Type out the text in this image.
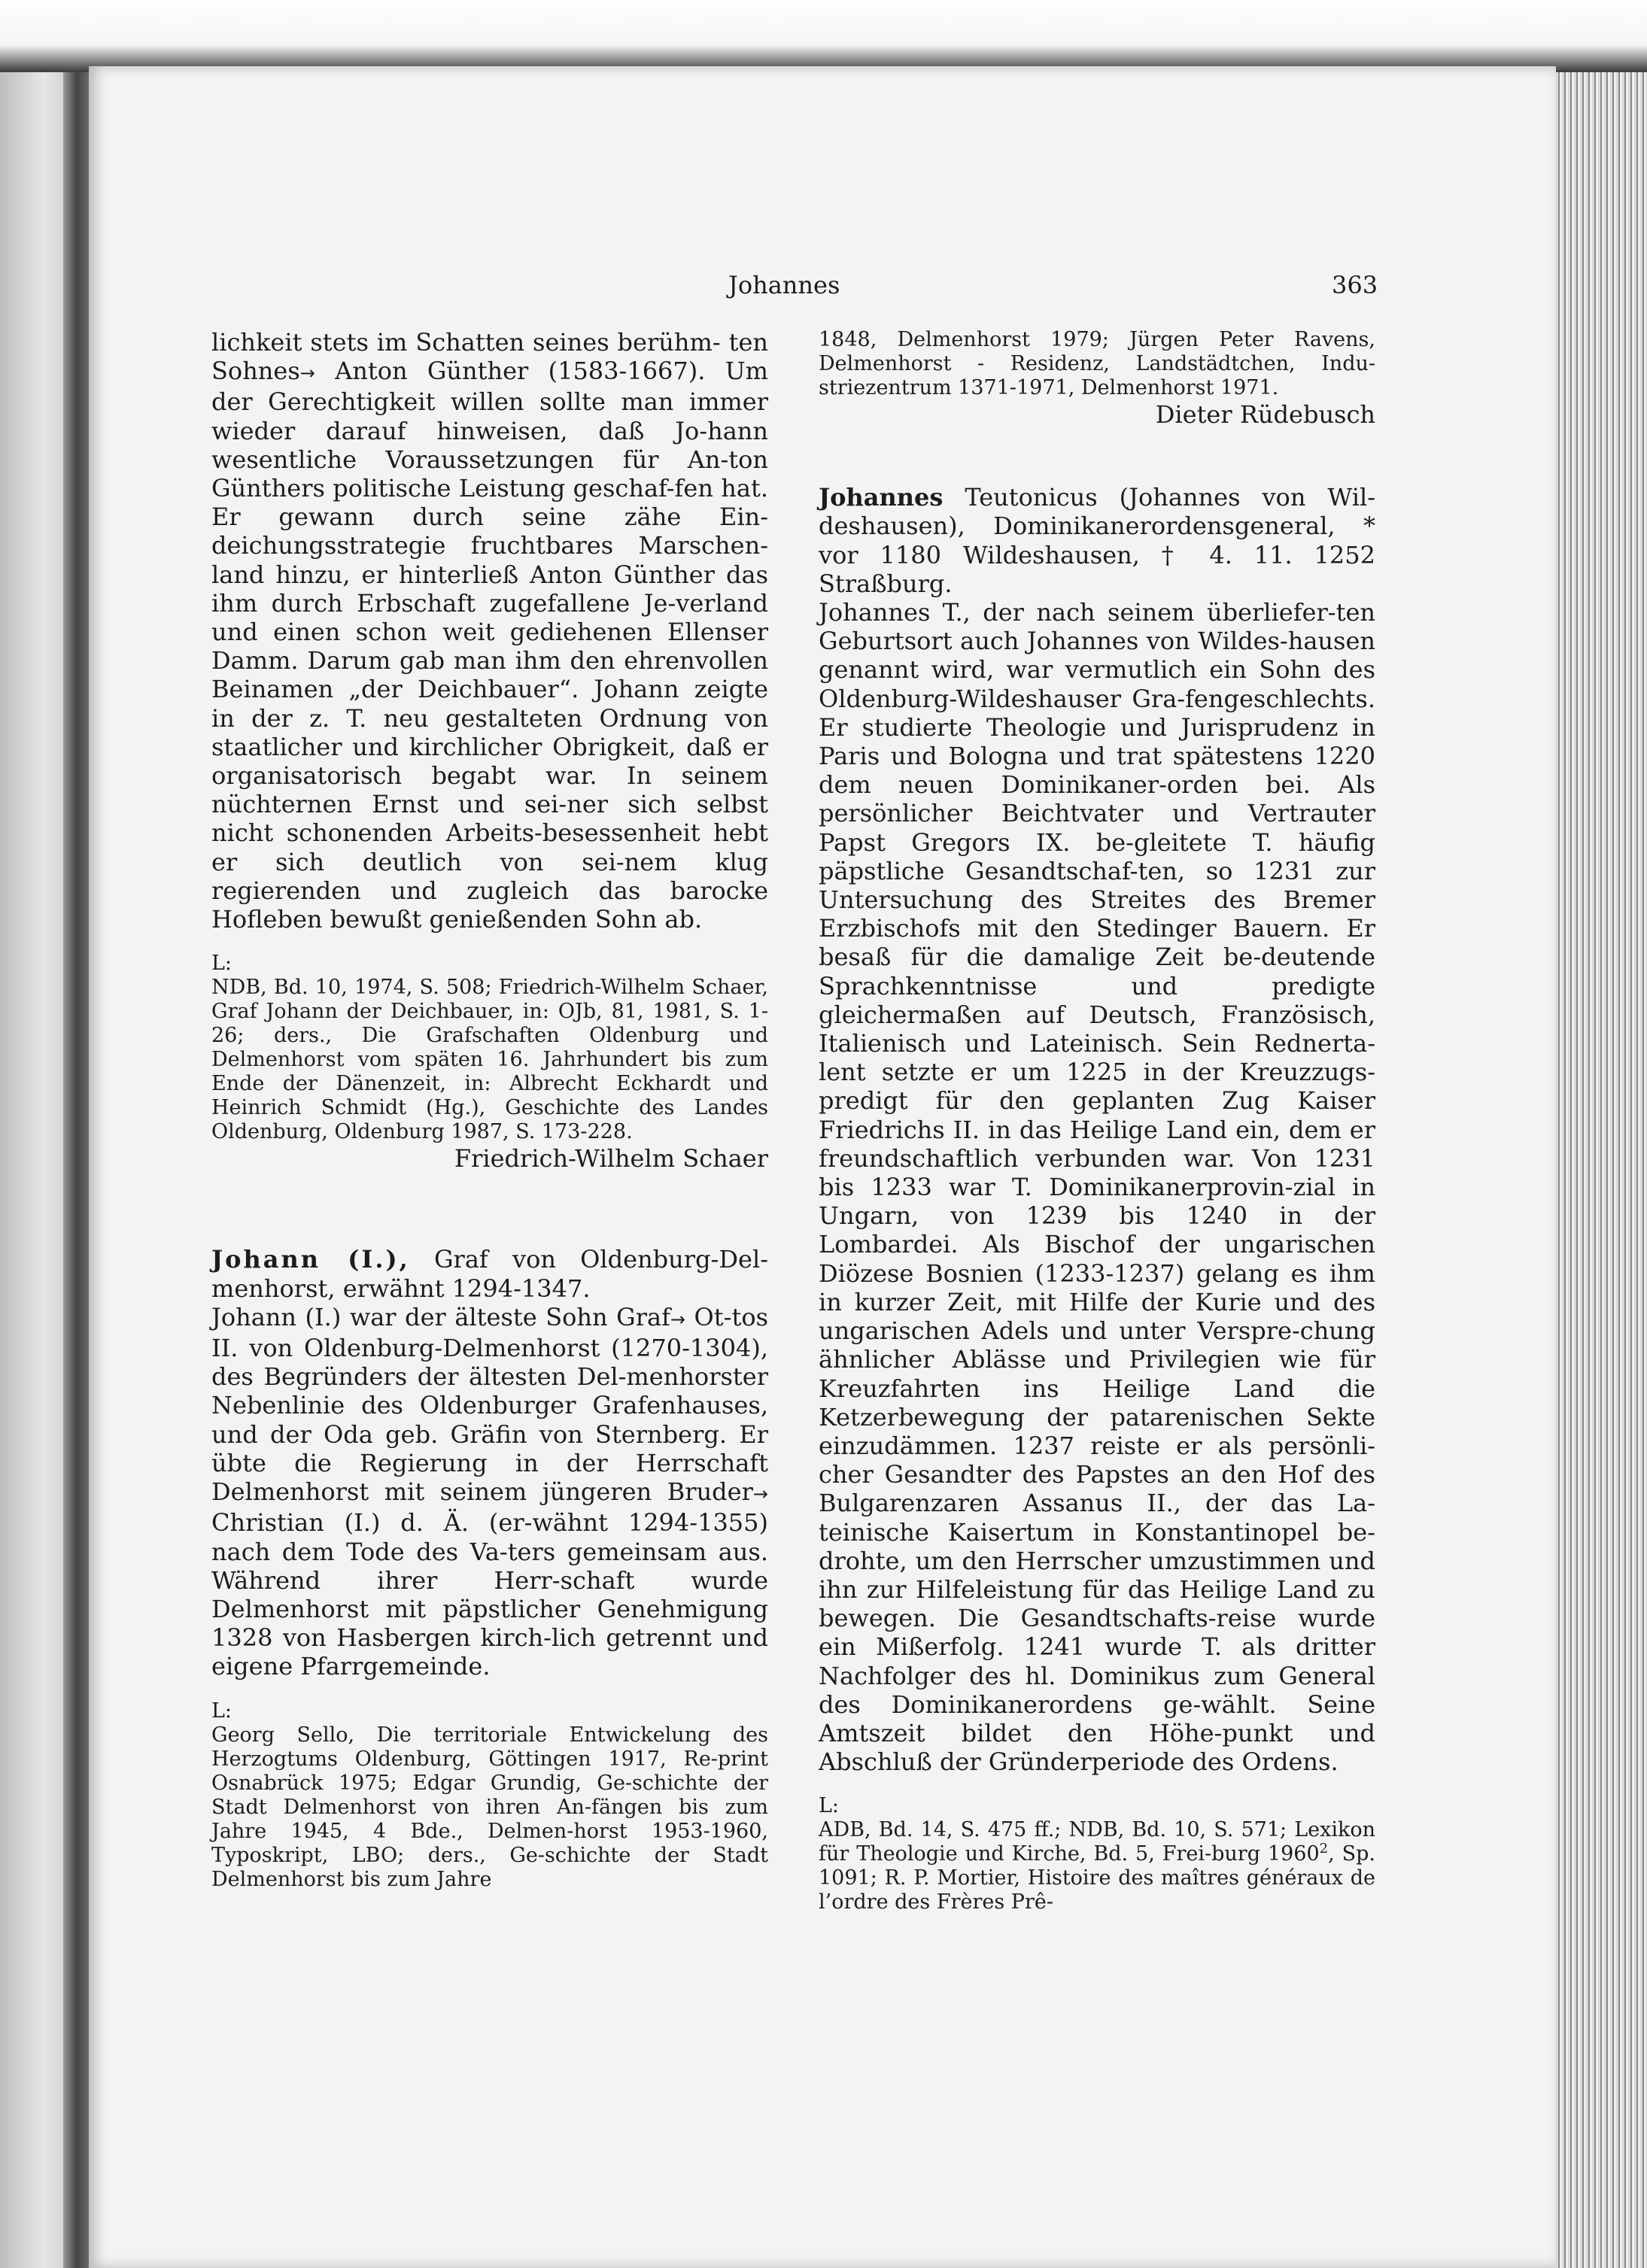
Johannes	363

lichkeit stets im Schatten seines berühm- ten Sohnes→ Anton Günther (1583-1667). Um der Gerechtigkeit willen sollte man immer wieder darauf hinweisen, daß Jo-hann wesentliche Voraussetzungen für An-ton Günthers politische Leistung geschaf-fen hat. Er gewann durch seine zähe Ein-deichungsstrategie fruchtbares Marschen-land hinzu, er hinterließ Anton Günther das ihm durch Erbschaft zugefallene Je-verland und einen schon weit gediehenen Ellenser Damm. Darum gab man ihm den ehrenvollen Beinamen „der Deichbauer“. Johann zeigte in der z. T. neu gestalteten Ordnung von staatlicher und kirchlicher Obrigkeit, daß er organisatorisch begabt war. In seinem nüchternen Ernst und sei-ner sich selbst nicht schonenden Arbeits-besessenheit hebt er sich deutlich von sei-nem klug regierenden und zugleich das barocke Hofleben bewußt genießenden Sohn ab.

L:

NDB, Bd. 10, 1974, S. 508; Friedrich-Wilhelm Schaer, Graf Johann der Deichbauer, in: OJb, 81, 1981, S. 1-26; ders., Die Grafschaften Oldenburg und Delmenhorst vom späten 16. Jahrhundert bis zum Ende der Dänenzeit, in: Albrecht Eckhardt und Heinrich Schmidt (Hg.), Geschichte des Landes Oldenburg, Oldenburg 1987, S. 173-228.

Friedrich-Wilhelm Schaer

Johann (I.), Graf von Oldenburg-Del-menhorst, erwähnt 1294-1347.

Johann (I.) war der älteste Sohn Graf→ Ot-tos II. von Oldenburg-Delmenhorst (1270-1304), des Begründers der ältesten Del-menhorster Nebenlinie des Oldenburger Grafenhauses, und der Oda geb. Gräfin von Sternberg. Er übte die Regierung in der Herrschaft Delmenhorst mit seinem jüngeren Bruder→ Christian (I.) d. Ä. (er-wähnt 1294-1355) nach dem Tode des Va-ters gemeinsam aus. Während ihrer Herr-schaft wurde Delmenhorst mit päpstlicher Genehmigung 1328 von Hasbergen kirch-lich getrennt und eigene Pfarrgemeinde.

L:

Georg Sello, Die territoriale Entwickelung des Herzogtums Oldenburg, Göttingen 1917, Re-print Osnabrück 1975; Edgar Grundig, Ge-schichte der Stadt Delmenhorst von ihren An-fängen bis zum Jahre 1945, 4 Bde., Delmen-horst 1953-1960, Typoskript, LBO; ders., Ge-schichte der Stadt Delmenhorst bis zum Jahre

1848, Delmenhorst 1979; Jürgen Peter Ravens, Delmenhorst - Residenz, Landstädtchen, Indu-striezentrum 1371-1971, Delmenhorst 1971.

Dieter Rüdebusch

Johannes Teutonicus (Johannes von Wil-deshausen), Dominikanerordensgeneral, * vor 1180 Wildeshausen, † 4. 11. 1252 Straßburg.

Johannes T., der nach seinem überliefer-ten Geburtsort auch Johannes von Wildes-hausen genannt wird, war vermutlich ein Sohn des Oldenburg-Wildeshauser Gra-fengeschlechts. Er studierte Theologie und Jurisprudenz in Paris und Bologna und trat spätestens 1220 dem neuen Dominikaner-orden bei. Als persönlicher Beichtvater und Vertrauter Papst Gregors IX. be-gleitete T. häufig päpstliche Gesandtschaf-ten, so 1231 zur Untersuchung des Streites des Bremer Erzbischofs mit den Stedinger Bauern. Er besaß für die damalige Zeit be-deutende Sprachkenntnisse und predigte gleichermaßen auf Deutsch, Französisch, Italienisch und Lateinisch. Sein Rednerta-lent setzte er um 1225 in der Kreuzzugs-predigt für den geplanten Zug Kaiser Friedrichs II. in das Heilige Land ein, dem er freundschaftlich verbunden war. Von 1231 bis 1233 war T. Dominikanerprovin-zial in Ungarn, von 1239 bis 1240 in der Lombardei. Als Bischof der ungarischen Diözese Bosnien (1233-1237) gelang es ihm in kurzer Zeit, mit Hilfe der Kurie und des ungarischen Adels und unter Verspre-chung ähnlicher Ablässe und Privilegien wie für Kreuzfahrten ins Heilige Land die Ketzerbewegung der patarenischen Sekte einzudämmen. 1237 reiste er als persönli-cher Gesandter des Papstes an den Hof des Bulgarenzaren Assanus II., der das La-teinische Kaisertum in Konstantinopel be-drohte, um den Herrscher umzustimmen und ihn zur Hilfeleistung für das Heilige Land zu bewegen. Die Gesandtschafts-reise wurde ein Mißerfolg. 1241 wurde T. als dritter Nachfolger des hl. Dominikus zum General des Dominikanerordens ge-wählt. Seine Amtszeit bildet den Höhe-punkt und Abschluß der Gründerperiode des Ordens.

L:

ADB, Bd. 14, S. 475 ff.; NDB, Bd. 10, S. 571; Lexikon für Theologie und Kirche, Bd. 5, Frei-burg 1960$^2$, Sp. 1091; R. P. Mortier, Histoire des maîtres généraux de l’ordre des Frères Prê-
